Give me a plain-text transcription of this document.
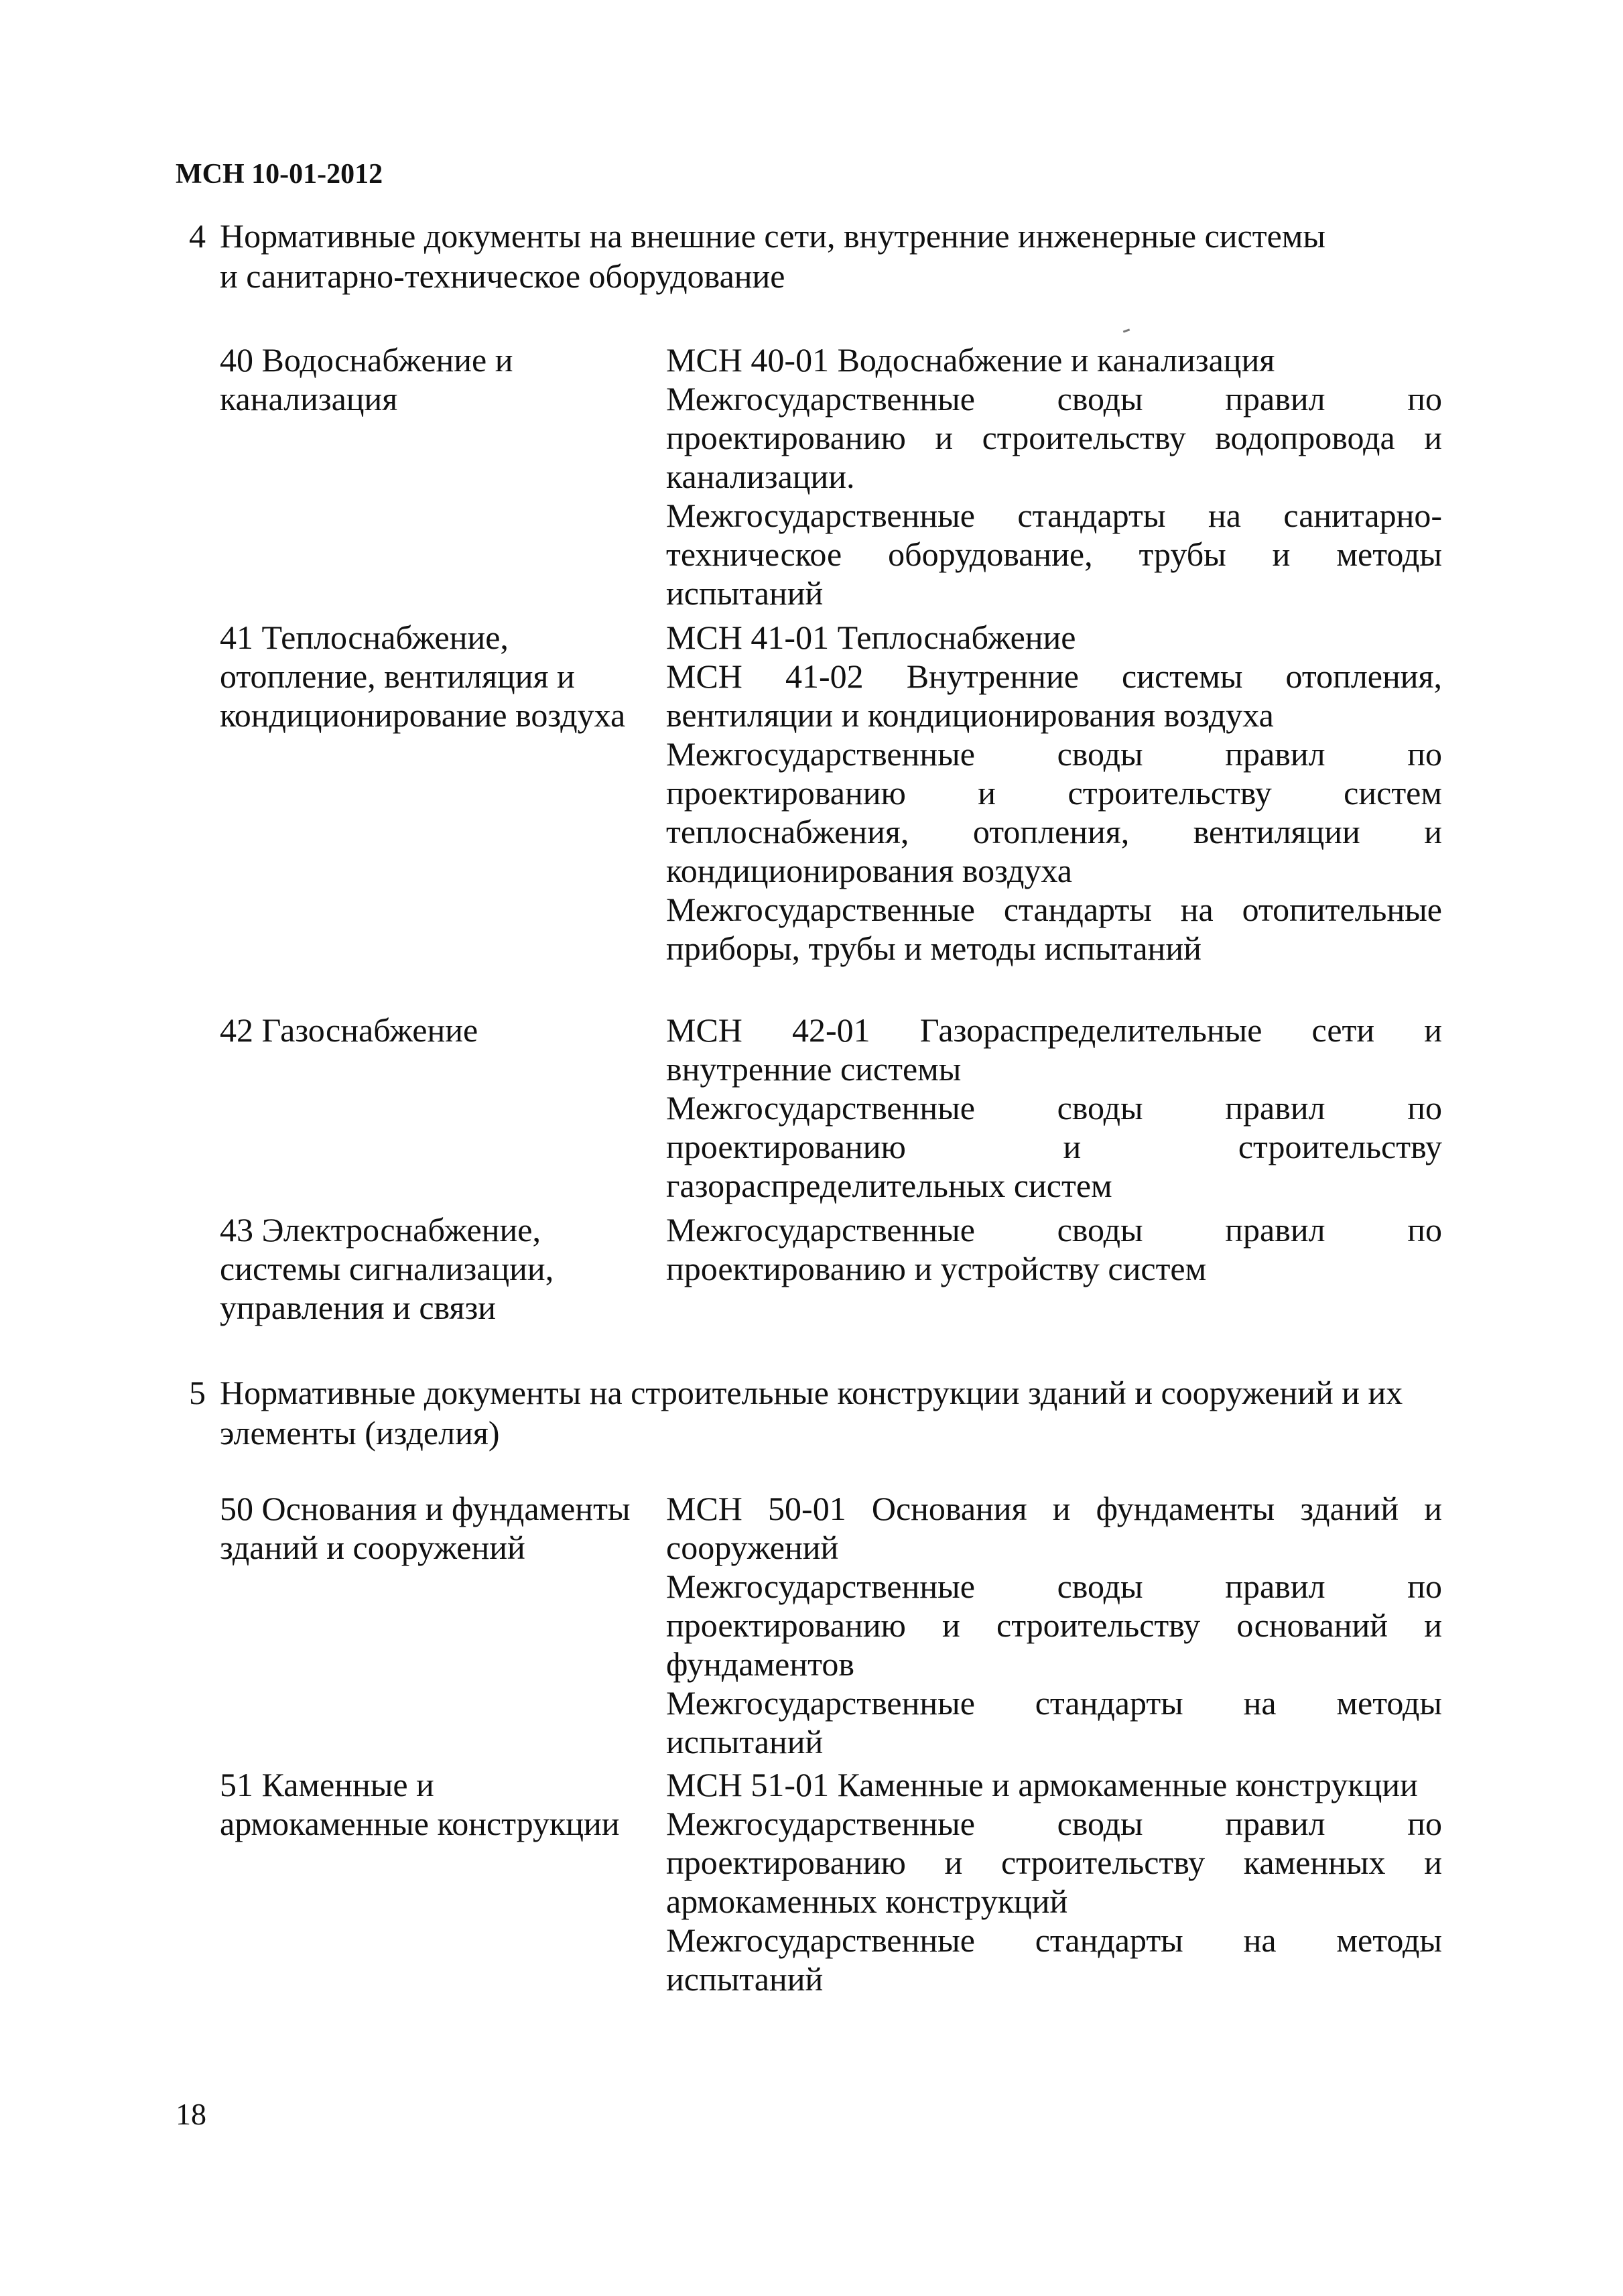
МСН 10-01-2012
4 Нормативные документы на внешние сети, внутренние инженерные системы
и санитарно-техническое оборудование

40 Водоснабжение и канализация

МСН 40-01 Водоснабжение и канализация

Межгосударственные своды правил по проектированию и строительству водопровода и канализации.

Межгосударственные стандарты на санитарно-техническое оборудование, трубы и методы испытаний

41 Теплоснабжение, отопление, вентиляция и кондиционирование воздуха

МСН 41-01 Теплоснабжение

МСН 41-02 Внутренние системы отопления, вентиляции и кондиционирования воздуха

Межгосударственные своды правил по проектированию и строительству систем теплоснабжения, отопления, вентиляции и кондиционирования воздуха

Межгосударственные стандарты на отопительные приборы, трубы и методы испытаний

42 Газоснабжение	МСН 42-01 Газораспределительные сети и внутренние системы

Межгосударственные своды правил по проектированию и строительству газораспределительных систем

43 Электроснабжение, системы сигнализации, управления и связи

Межгосударственные своды правил по проектированию и устройству систем

5 Нормативные документы на строительные конструкции зданий и сооружений и их
элементы (изделия)

50 Основания и фундаменты зданий и сооружений

МСН 50-01 Основания и фундаменты зданий и сооружений

Межгосударственные своды правил по проектированию и строительству оснований и фундаментов

Межгосударственные стандарты на методы испытаний

51 Каменные и армокаменные конструкции

МСН 51-01 Каменные и армокаменные конструкции

Межгосударственные своды правил по проектированию и строительству каменных и армокаменных конструкций

Межгосударственные стандарты на методы испытаний

18
